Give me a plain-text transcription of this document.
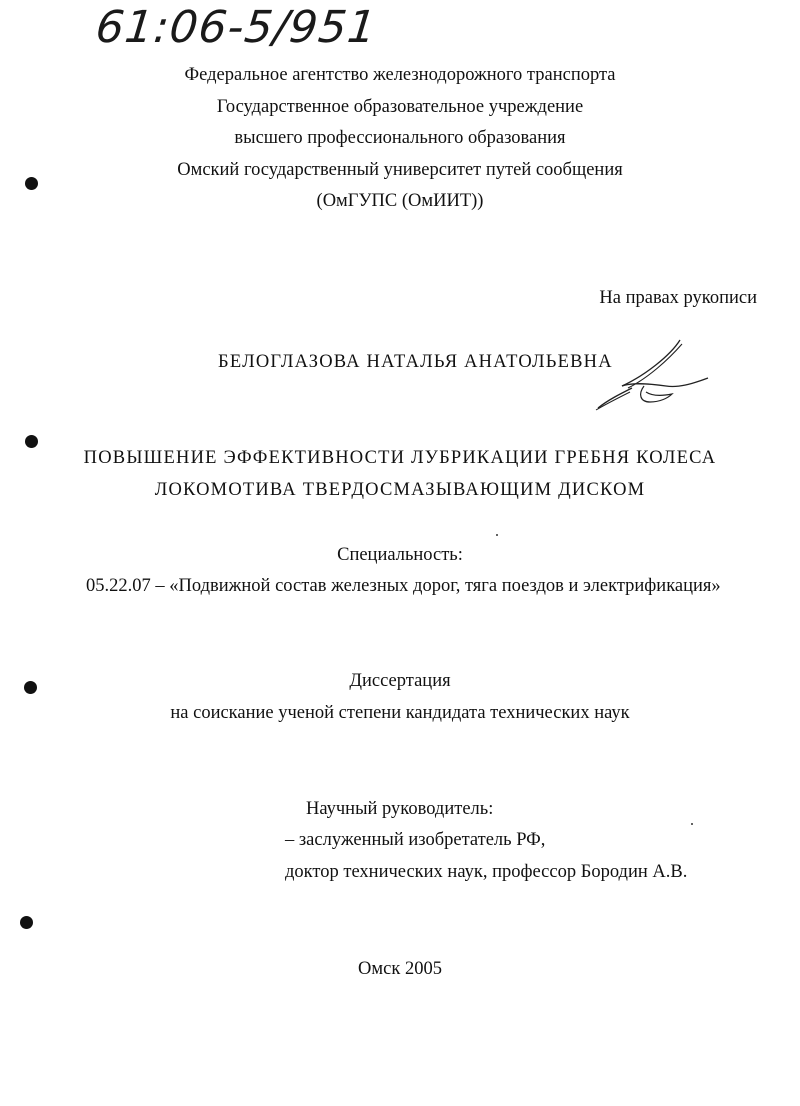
61:06-5/951
Федеральное агентство железнодорожного транспорта
Государственное образовательное учреждение
высшего профессионального образования
Омский государственный университет путей сообщения
(ОмГУПС (ОмИИТ))
На правах рукописи
БЕЛОГЛАЗОВА НАТАЛЬЯ АНАТОЛЬЕВНА
ПОВЫШЕНИЕ ЭФФЕКТИВНОСТИ ЛУБРИКАЦИИ ГРЕБНЯ КОЛЕСА
ЛОКОМОТИВА ТВЕРДОСМАЗЫВАЮЩИМ ДИСКОМ
Специальность:
05.22.07 – «Подвижной состав железных дорог, тяга поездов и электрификация»
Диссертация
на соискание ученой степени кандидата технических наук
Научный руководитель:
– заслуженный изобретатель РФ,
доктор технических наук, профессор Бородин А.В.
Омск 2005
